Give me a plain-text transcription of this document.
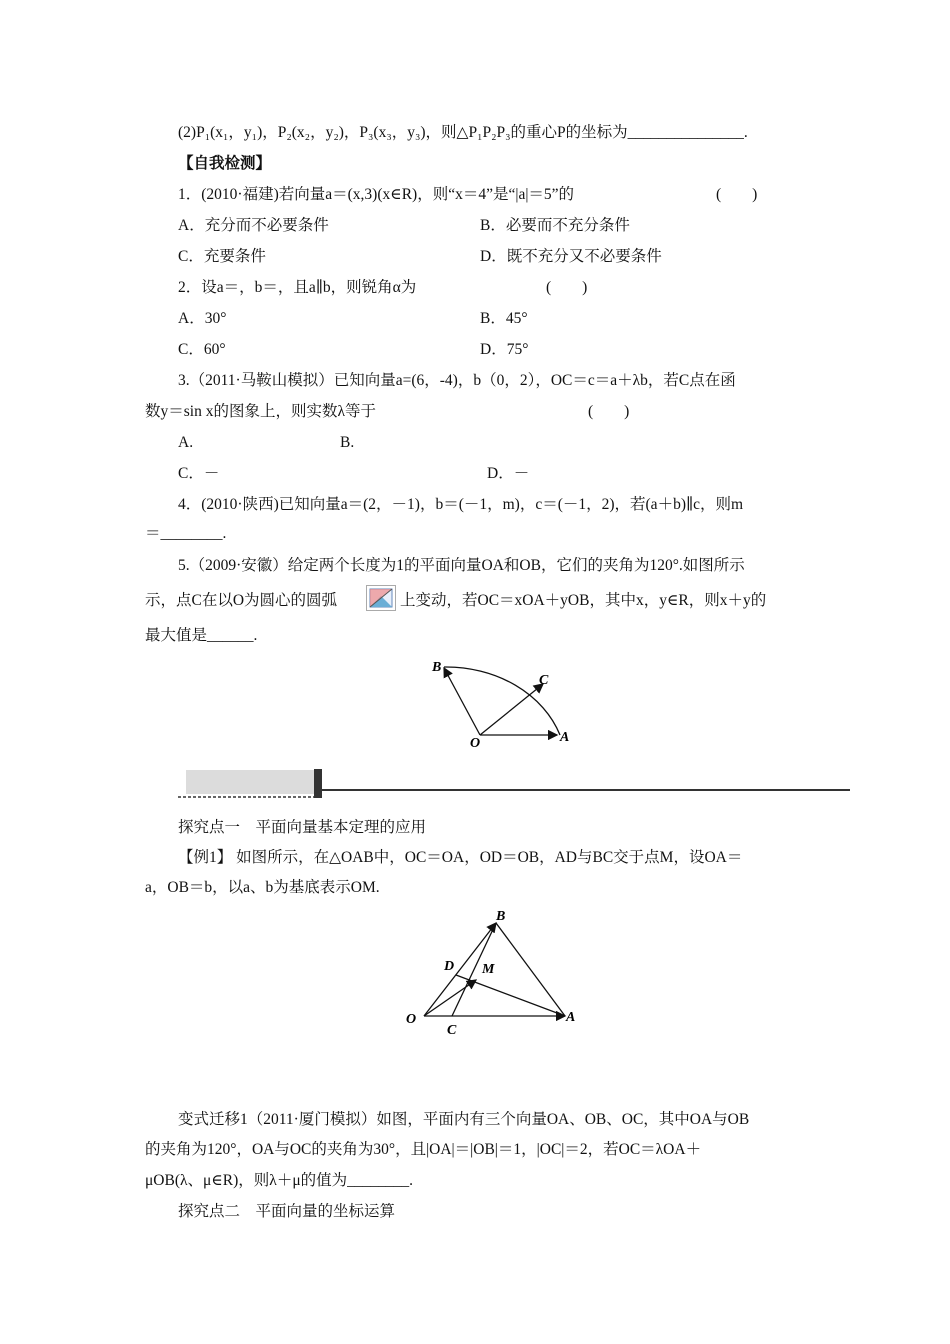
(2)P₁(x₁，y₁)，P₂(x₂，y₂)，P₃(x₃，y₃)，则△P₁P₂P₃的重心P的坐标为_______________.
【自我检测】
1．(2010·福建)若向量a＝(x,3)(x∈R)，则“x＝4”是“|a|＝5”的	(　　)
A．充分而不必要条件	B．必要而不充分条件
C．充要条件	D．既不充分又不必要条件
2．设a＝，b＝，且a∥b，则锐角α为	(　　)
A．30°	B．45°
C．60°	D．75°
3.（2011·马鞍山模拟）已知向量a=(6，-4)，b（0，2），OC＝c＝a＋λb，若C点在函
数y＝sin x的图象上，则实数λ等于	(　　)
A.	B.
C．－	D．－
4．(2010·陕西)已知向量a＝(2，－1)，b＝(－1，m)，c＝(－1，2)，若(a＋b)∥c，则m
＝________.
5.（2009·安徽）给定两个长度为1的平面向量OA和OB，它们的夹角为120°.如图所示
示，点C在以O为圆心的圆弧	上变动，若OC＝xOA＋yOB，其中x，y∈R，则x＋y的
最大值是______.
O	A
B
C
探究点一　平面向量基本定理的应用
【例1】 如图所示，在△OAB中，OC＝OA，OD＝OB，AD与BC交于点M，设OA＝
a，OB＝b，以a、b为基底表示OM.
O	A
B
C
D M
变式迁移1（2011·厦门模拟）如图，平面内有三个向量OA、OB、OC，其中OA与OB
的夹角为120°，OA与OC的夹角为30°，且|OA|＝|OB|＝1，|OC|＝2，若OC＝λOA＋
μOB(λ、μ∈R)，则λ＋μ的值为________.
探究点二　平面向量的坐标运算
